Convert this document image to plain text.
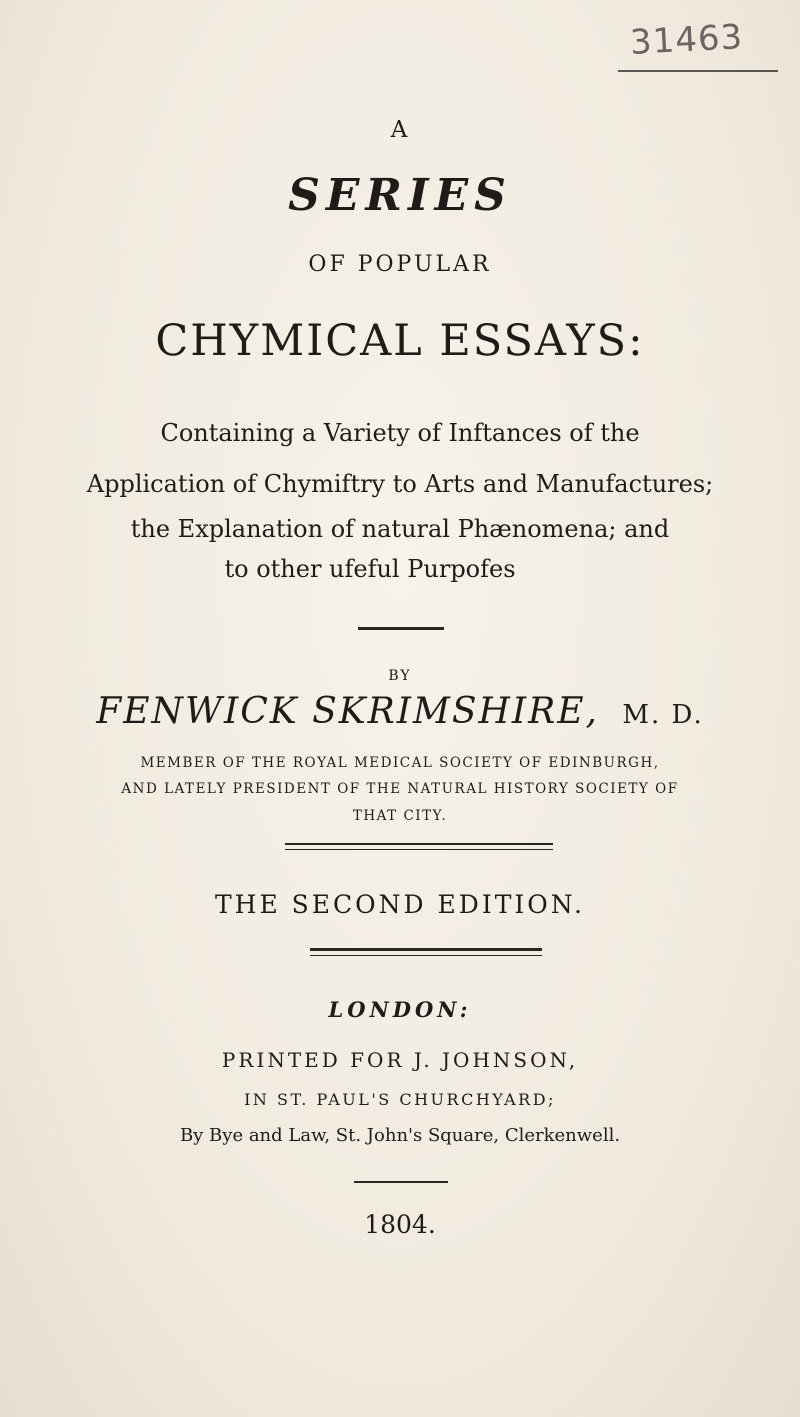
31463
A
SERIES
OF POPULAR
CHYMICAL ESSAYS:
Containing a Variety of Inftances of the
Application of Chymiftry to Arts and Manufactures;
the Explanation of natural Phænomena; and
to other ufeful Purpofes
BY
FENWICK SKRIMSHIRE, M. D.
MEMBER OF THE ROYAL MEDICAL SOCIETY OF EDINBURGH,
AND LATELY PRESIDENT OF THE NATURAL HISTORY SOCIETY OF
THAT CITY.
THE SECOND EDITION.
LONDON:
PRINTED FOR J. JOHNSON,
IN ST. PAUL'S CHURCHYARD;
By Bye and Law, St. John's Square, Clerkenwell.
1804.
